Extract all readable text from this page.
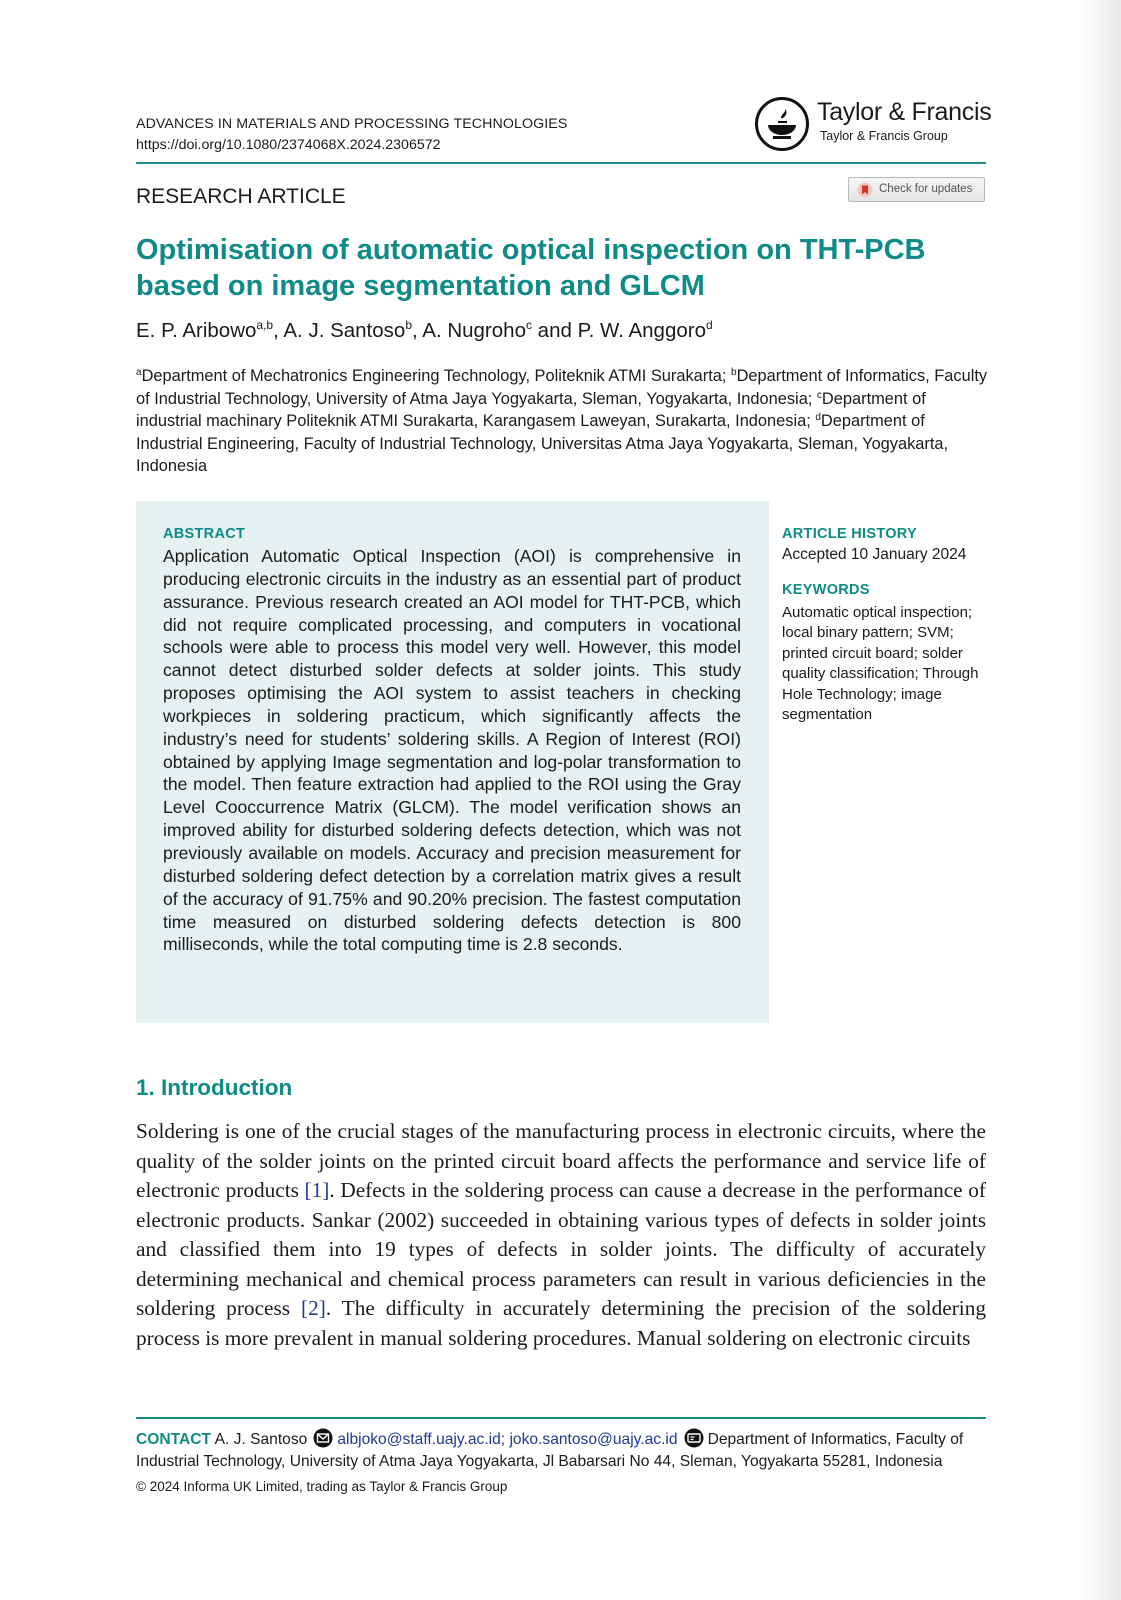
ADVANCES IN MATERIALS AND PROCESSING TECHNOLOGIES
https://doi.org/10.1080/2374068X.2024.2306572
Taylor & Francis
Taylor & Francis Group
RESEARCH ARTICLE	Check for updates
Optimisation of automatic optical inspection on THT-PCB based on image segmentation and GLCM
E. P. Aribowo$^{a,b}$, A. J. Santoso$^b$, A. Nugroho$^c$ and P. W. Anggoro$^d$
$^a$Department of Mechatronics Engineering Technology, Politeknik ATMI Surakarta; $^b$Department of Informatics, Faculty of Industrial Technology, University of Atma Jaya Yogyakarta, Sleman, Yogyakarta, Indonesia; $^c$Department of industrial machinary Politeknik ATMI Surakarta, Karangasem Laweyan, Surakarta, Indonesia; $^d$Department of Industrial Engineering, Faculty of Industrial Technology, Universitas Atma Jaya Yogyakarta, Sleman, Yogyakarta, Indonesia
ABSTRACT
Application Automatic Optical Inspection (AOI) is comprehensive in producing electronic circuits in the industry as an essential part of product assurance. Previous research created an AOI model for THT-PCB, which did not require complicated processing, and computers in vocational schools were able to process this model very well. However, this model cannot detect disturbed solder defects at solder joints. This study proposes optimising the AOI system to assist teachers in checking workpieces in soldering practicum, which significantly affects the industry’s need for students’ soldering skills. A Region of Interest (ROI) obtained by applying Image segmentation and log-polar transformation to the model. Then feature extraction had applied to the ROI using the Gray Level Cooccurrence Matrix (GLCM). The model verification shows an improved ability for disturbed soldering defects detection, which was not previously available on models. Accuracy and precision measurement for disturbed soldering defect detection by a correlation matrix gives a result of the accuracy of 91.75% and 90.20% precision. The fastest computation time measured on disturbed soldering defects detection is 800 milliseconds, while the total computing time is 2.8 seconds.
ARTICLE HISTORY
Accepted 10 January 2024
KEYWORDS
Automatic optical inspection; local binary pattern; SVM; printed circuit board; solder quality classification; Through Hole Technology; image segmentation
1. Introduction
Soldering is one of the crucial stages of the manufacturing process in electronic circuits, where the quality of the solder joints on the printed circuit board affects the performance and service life of electronic products [1]. Defects in the soldering process can cause a decrease in the performance of electronic products. Sankar (2002) succeeded in obtaining various types of defects in solder joints and classified them into 19 types of defects in solder joints. The difficulty of accurately determining mechanical and chemical process parameters can result in various deficiencies in the soldering process [2]. The difficulty in accurately determining the precision of the soldering process is more prevalent in manual soldering procedures. Manual soldering on electronic circuits
CONTACT A. J. Santoso albjoko@staff.uajy.ac.id; joko.santoso@uajy.ac.id Department of Informatics, Faculty of Industrial Technology, University of Atma Jaya Yogyakarta, Jl Babarsari No 44, Sleman, Yogyakarta 55281, Indonesia
© 2024 Informa UK Limited, trading as Taylor & Francis Group
